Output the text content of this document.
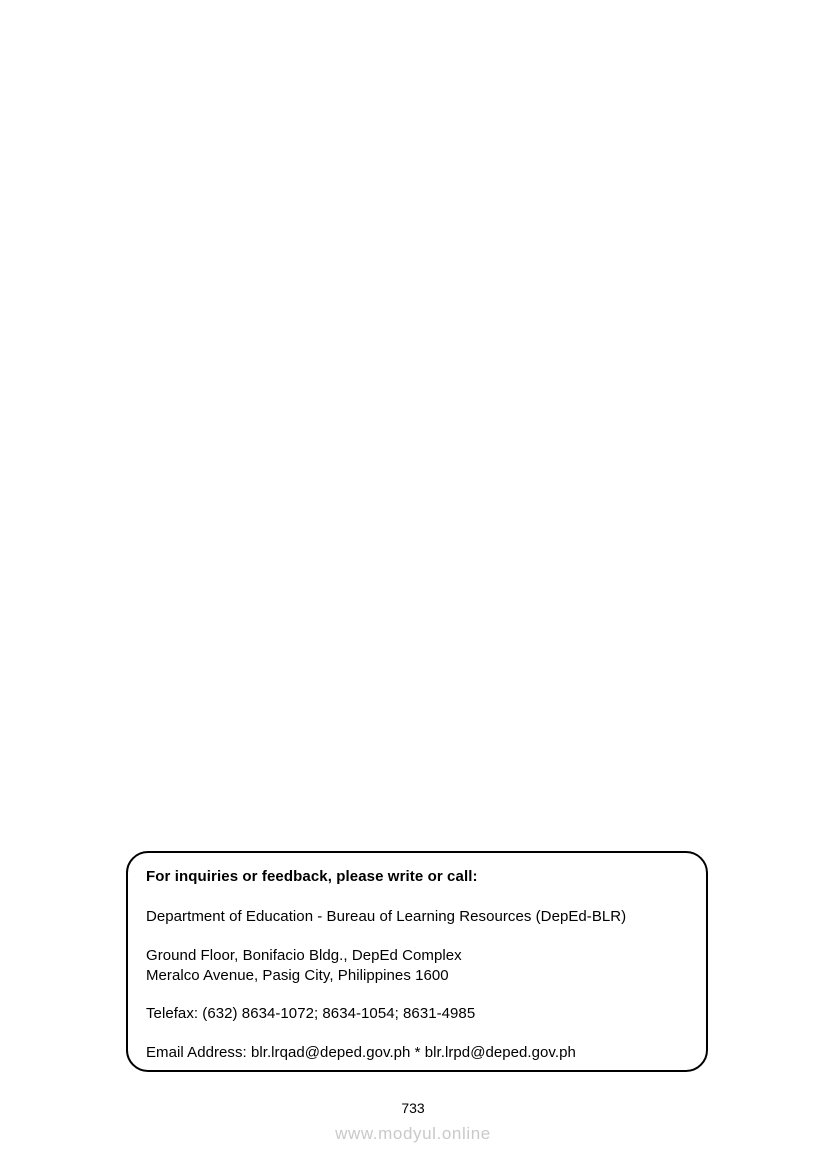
For inquiries or feedback, please write or call:

Department of Education - Bureau of Learning Resources (DepEd-BLR)

Ground Floor, Bonifacio Bldg., DepEd Complex
Meralco Avenue, Pasig City, Philippines 1600

Telefax: (632) 8634-1072; 8634-1054; 8631-4985

Email Address: blr.lrqad@deped.gov.ph * blr.lrpd@deped.gov.ph

733
www.modyul.online
